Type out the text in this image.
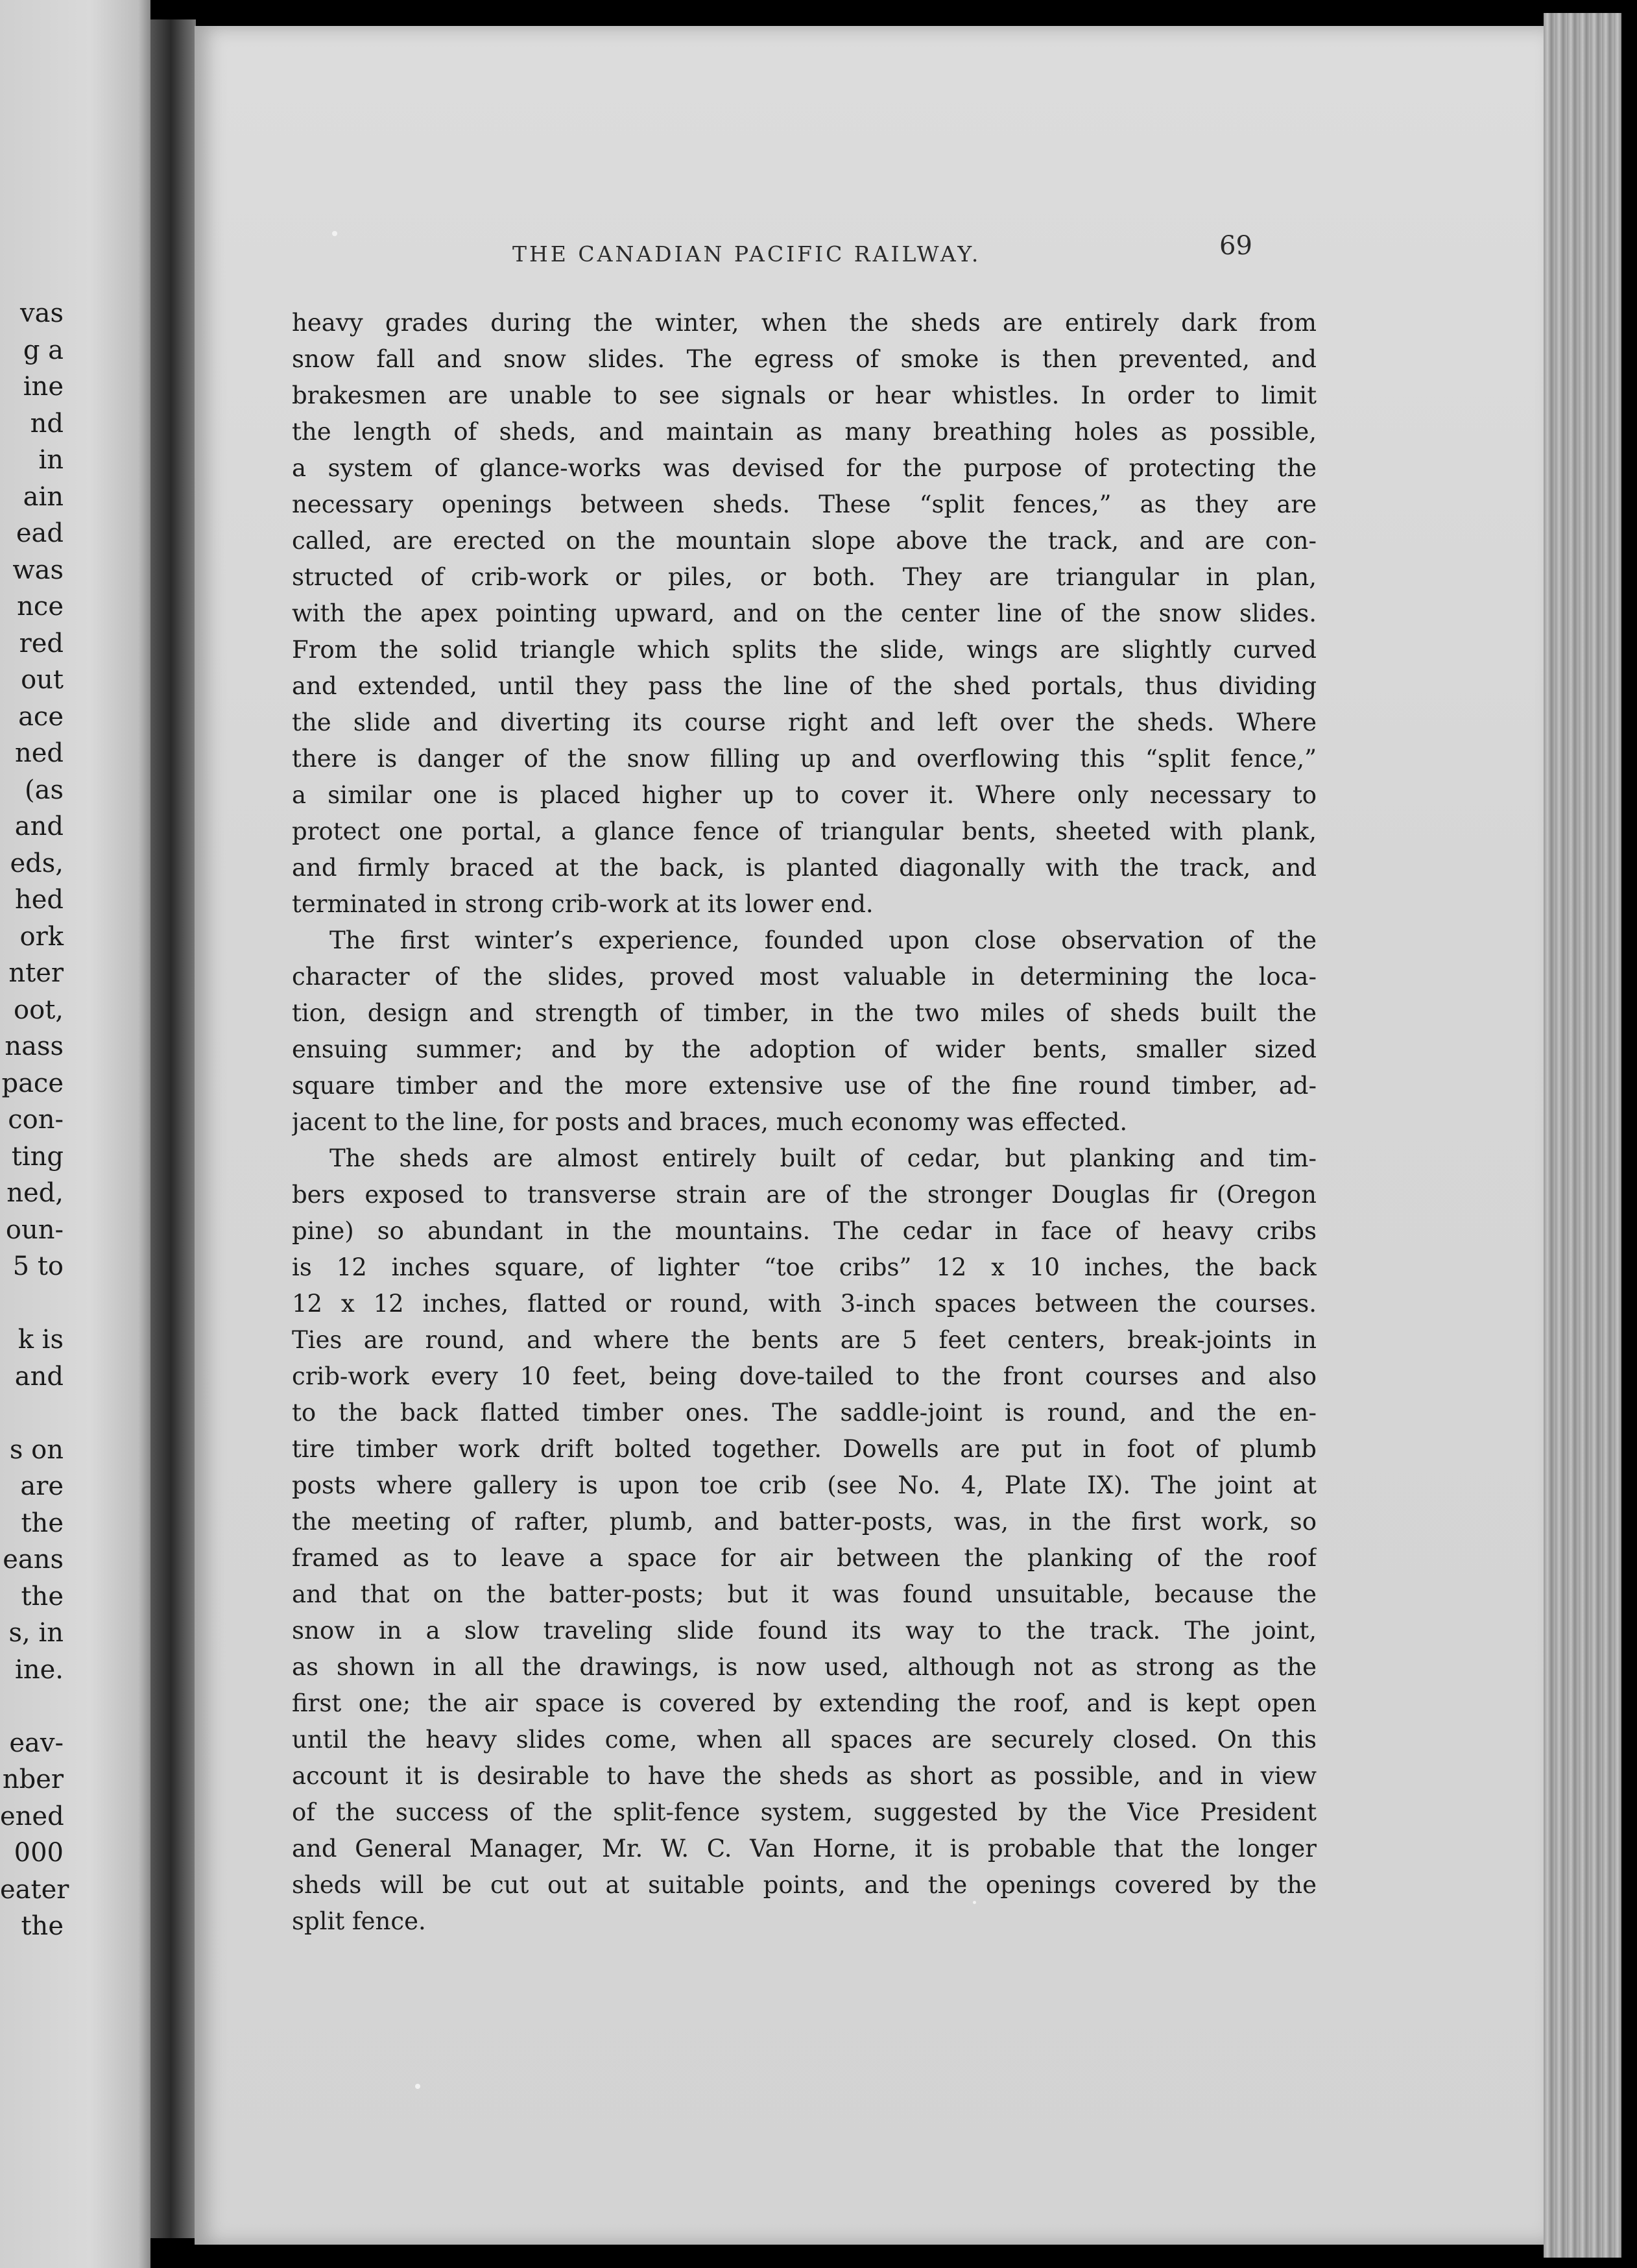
vas
g a
ine
nd
in
ain
ead
was
nce
red
out
ace
ned
(as
and
eds,
hed
ork
nter
oot,
nass
pace
con-
ting
ned,
oun-
5 to
k is
and
s on
are
the
eans
the
s, in
ine.
eav-
nber
ened
000
eater
the
THE CANADIAN PACIFIC RAILWAY.	69
heavy grades during the winter, when the sheds are entirely dark from
snow fall and snow slides. The egress of smoke is then prevented, and
brakesmen are unable to see signals or hear whistles. In order to limit
the length of sheds, and maintain as many breathing holes as possible,
a system of glance-works was devised for the purpose of protecting the
necessary openings between sheds. These “split fences,” as they are
called, are erected on the mountain slope above the track, and are con-
structed of crib-work or piles, or both. They are triangular in plan,
with the apex pointing upward, and on the center line of the snow slides.
From the solid triangle which splits the slide, wings are slightly curved
and extended, until they pass the line of the shed portals, thus dividing
the slide and diverting its course right and left over the sheds. Where
there is danger of the snow filling up and overflowing this “split fence,”
a similar one is placed higher up to cover it. Where only necessary to
protect one portal, a glance fence of triangular bents, sheeted with plank,
and firmly braced at the back, is planted diagonally with the track, and
terminated in strong crib-work at its lower end.
The first winter’s experience, founded upon close observation of the
character of the slides, proved most valuable in determining the loca-
tion, design and strength of timber, in the two miles of sheds built the
ensuing summer; and by the adoption of wider bents, smaller sized
square timber and the more extensive use of the fine round timber, ad-
jacent to the line, for posts and braces, much economy was effected.
The sheds are almost entirely built of cedar, but planking and tim-
bers exposed to transverse strain are of the stronger Douglas fir (Oregon
pine) so abundant in the mountains. The cedar in face of heavy cribs
is 12 inches square, of lighter “toe cribs” 12 x 10 inches, the back
12 x 12 inches, flatted or round, with 3-inch spaces between the courses.
Ties are round, and where the bents are 5 feet centers, break-joints in
crib-work every 10 feet, being dove-tailed to the front courses and also
to the back flatted timber ones. The saddle-joint is round, and the en-
tire timber work drift bolted together. Dowells are put in foot of plumb
posts where gallery is upon toe crib (see No. 4, Plate IX). The joint at
the meeting of rafter, plumb, and batter-posts, was, in the first work, so
framed as to leave a space for air between the planking of the roof
and that on the batter-posts; but it was found unsuitable, because the
snow in a slow traveling slide found its way to the track. The joint,
as shown in all the drawings, is now used, although not as strong as the
first one; the air space is covered by extending the roof, and is kept open
until the heavy slides come, when all spaces are securely closed. On this
account it is desirable to have the sheds as short as possible, and in view
of the success of the split-fence system, suggested by the Vice President
and General Manager, Mr. W. C. Van Horne, it is probable that the longer
sheds will be cut out at suitable points, and the openings covered by the
split fence.
